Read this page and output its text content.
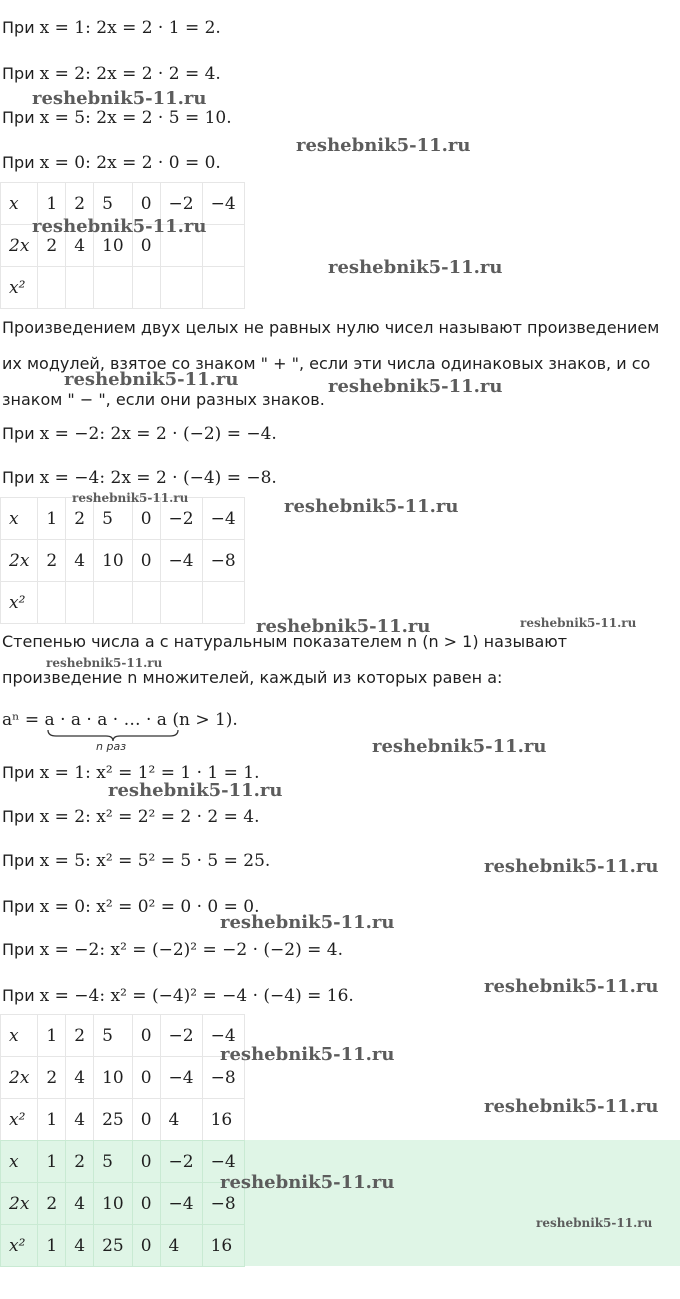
При x = 1: 2x = 2 · 1 = 2.
При x = 2: 2x = 2 · 2 = 4.
При x = 5: 2x = 2 · 5 = 10.
При x = 0: 2x = 2 · 0 = 0.
x	1	2	5	0	−2	−4
2x	2	4	10	0		
x²						
Произведением двух целых не равных нулю чисел называют произведением
их модулей, взятое со знаком " + ", если эти числа одинаковых знаков, и со
знаком " − ", если они разных знаков.
При x = −2: 2x = 2 · (−2) = −4.
При x = −4: 2x = 2 · (−4) = −8.
x	1	2	5	0	−2	−4
2x	2	4	10	0	−4	−8
x²						
Степенью числа a с натуральным показателем n (n > 1) называют
произведение n множителей, каждый из которых равен a:
aⁿ = a · a · a · … · a (n > 1).
n раз
При x = 1: x² = 1² = 1 · 1 = 1.
При x = 2: x² = 2² = 2 · 2 = 4.
При x = 5: x² = 5² = 5 · 5 = 25.
При x = 0: x² = 0² = 0 · 0 = 0.
При x = −2: x² = (−2)² = −2 · (−2) = 4.
При x = −4: x² = (−4)² = −4 · (−4) = 16.
x	1	2	5	0	−2	−4
2x	2	4	10	0	−4	−8
x²	1	4	25	0	4	16
x	1	2	5	0	−2	−4
2x	2	4	10	0	−4	−8
x²	1	4	25	0	4	16
reshebnik5-11.ru
reshebnik5-11.ru
reshebnik5-11.ru
reshebnik5-11.ru
reshebnik5-11.ru	reshebnik5-11.ru
reshebnik5-11.ru	reshebnik5-11.ru
reshebnik5-11.ru	reshebnik5-11.ru
reshebnik5-11.ru
reshebnik5-11.ru
reshebnik5-11.ru
reshebnik5-11.ru
reshebnik5-11.ru
reshebnik5-11.ru
reshebnik5-11.ru
reshebnik5-11.ru
reshebnik5-11.ru
reshebnik5-11.ru
